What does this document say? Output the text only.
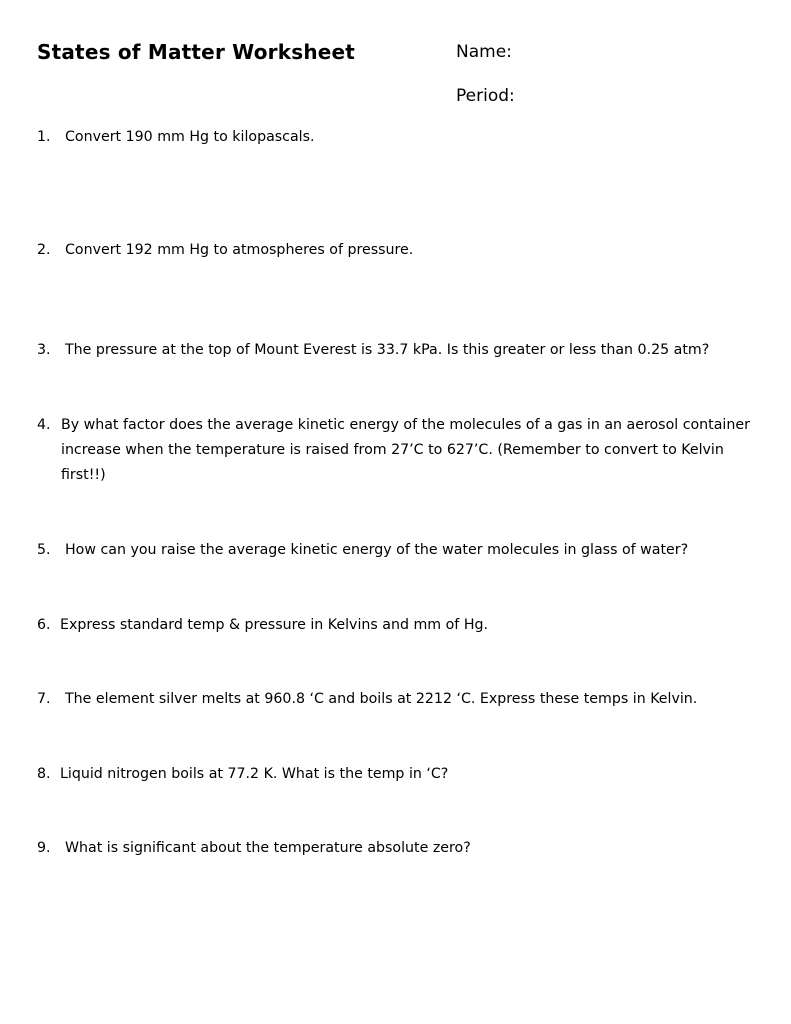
States of Matter Worksheet	Name:
Period:
1. Convert 190 mm Hg to kilopascals.
2. Convert 192 mm Hg to atmospheres of pressure.
3. The pressure at the top of Mount Everest is 33.7 kPa. Is this greater or less than 0.25 atm?
4. By what factor does the average kinetic energy of the molecules of a gas in an aerosol container increase when the temperature is raised from 27’C to 627’C. (Remember to convert to Kelvin first!!)
5. How can you raise the average kinetic energy of the water molecules in glass of water?
6. Express standard temp & pressure in Kelvins and mm of Hg.
7. The element silver melts at 960.8 ‘C and boils at 2212 ‘C. Express these temps in Kelvin.
8. Liquid nitrogen boils at 77.2 K. What is the temp in ‘C?
9. What is significant about the temperature absolute zero?
